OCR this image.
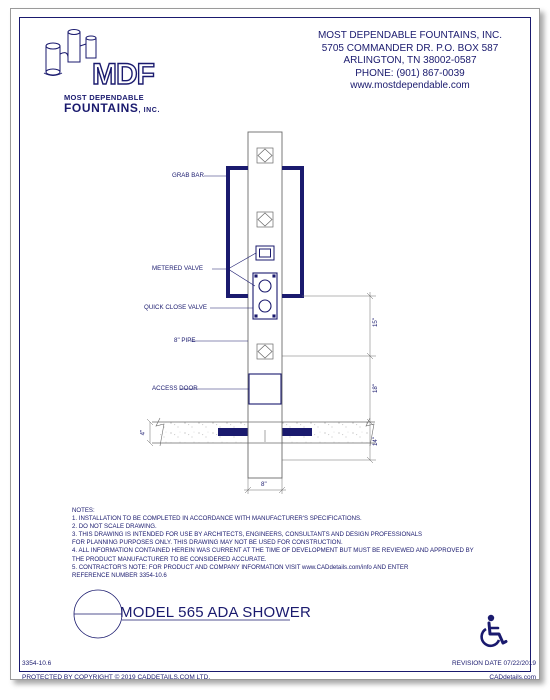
MDF
MOST DEPENDABLE
FOUNTAINS, INC.
MOST DEPENDABLE FOUNTAINS, INC.
5705 COMMANDER DR. P.O. BOX 587
ARLINGTON, TN 38002-0587
PHONE: (901) 867-0039
www.mostdependable.com
GRAB BAR
METERED VALVE
QUICK CLOSE VALVE
8" PIPE
ACCESS DOOR
15"
18"
14"
4"
8"
NOTES:
1. INSTALLATION TO BE COMPLETED IN ACCORDANCE WITH MANUFACTURER'S SPECIFICATIONS.
2. DO NOT SCALE DRAWING.
3. THIS DRAWING IS INTENDED FOR USE BY ARCHITECTS, ENGINEERS, CONSULTANTS AND DESIGN PROFESSIONALS
FOR PLANNING PURPOSES ONLY. THIS DRAWING MAY NOT BE USED FOR CONSTRUCTION.
4. ALL INFORMATION CONTAINED HEREIN WAS CURRENT AT THE TIME OF DEVELOPMENT BUT MUST BE REVIEWED AND APPROVED BY
THE PRODUCT MANUFACTURER TO BE CONSIDERED ACCURATE.
5. CONTRACTOR'S NOTE: FOR PRODUCT AND COMPANY INFORMATION VISIT www.CADdetails.com/info AND ENTER
REFERENCE NUMBER 3354-10.6
MODEL 565 ADA SHOWER
3354-10.6	REVISION DATE 07/22/2019
PROTECTED BY COPYRIGHT © 2019 CADDETAILS.COM LTD.	CADdetails.com
